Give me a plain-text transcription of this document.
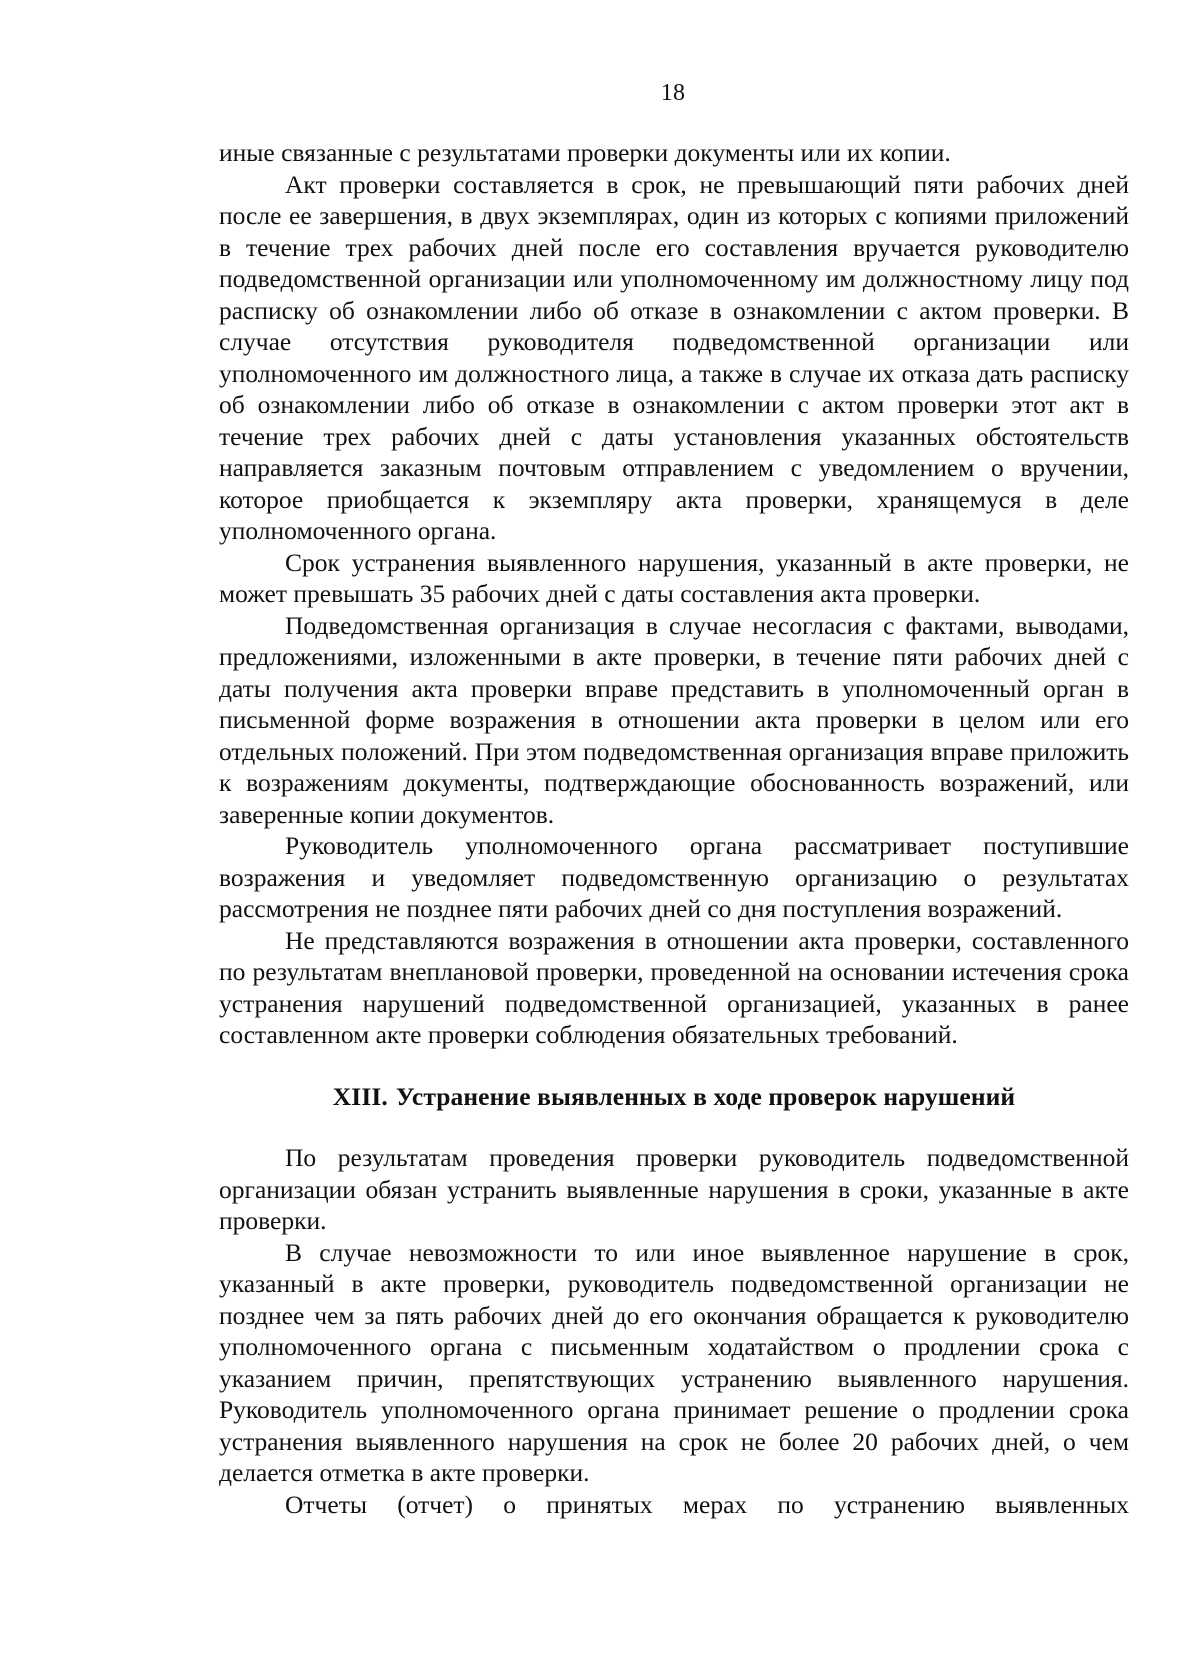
18

иные связанные с результатами проверки документы или их копии.

Акт проверки составляется в срок, не превышающий пяти рабочих дней после ее завершения, в двух экземплярах, один из которых с копиями приложений в течение трех рабочих дней после его составления вручается руководителю подведомственной организации или уполномоченному им должностному лицу под расписку об ознакомлении либо об отказе в ознакомлении с актом проверки. В случае отсутствия руководителя подведомственной организации или уполномоченного им должностного лица, а также в случае их отказа дать расписку об ознакомлении либо об отказе в ознакомлении с актом проверки этот акт в течение трех рабочих дней с даты установления указанных обстоятельств направляется заказным почтовым отправлением с уведомлением о вручении, которое приобщается к экземпляру акта проверки, хранящемуся в деле уполномоченного органа.

Срок устранения выявленного нарушения, указанный в акте проверки, не может превышать 35 рабочих дней с даты составления акта проверки.

Подведомственная организация в случае несогласия с фактами, выводами, предложениями, изложенными в акте проверки, в течение пяти рабочих дней с даты получения акта проверки вправе представить в уполномоченный орган в письменной форме возражения в отношении акта проверки в целом или его отдельных положений. При этом подведомственная организация вправе приложить к возражениям документы, подтверждающие обоснованность возражений, или заверенные копии документов.

Руководитель уполномоченного органа рассматривает поступившие возражения и уведомляет подведомственную организацию о результатах рассмотрения не позднее пяти рабочих дней со дня поступления возражений.

Не представляются возражения в отношении акта проверки, составленного по результатам внеплановой проверки, проведенной на основании истечения срока устранения нарушений подведомственной организацией, указанных в ранее составленном акте проверки соблюдения обязательных требований.

XIII. Устранение выявленных в ходе проверок нарушений

По результатам проведения проверки руководитель подведомственной организации обязан устранить выявленные нарушения в сроки, указанные в акте проверки.

В случае невозможности то или иное выявленное нарушение в срок, указанный в акте проверки, руководитель подведомственной организации не позднее чем за пять рабочих дней до его окончания обращается к руководителю уполномоченного органа с письменным ходатайством о продлении срока с указанием причин, препятствующих устранению выявленного нарушения. Руководитель уполномоченного органа принимает решение о продлении срока устранения выявленного нарушения на срок не более 20 рабочих дней, о чем делается отметка в акте проверки.

Отчеты (отчет) о принятых мерах по устранению выявленных
